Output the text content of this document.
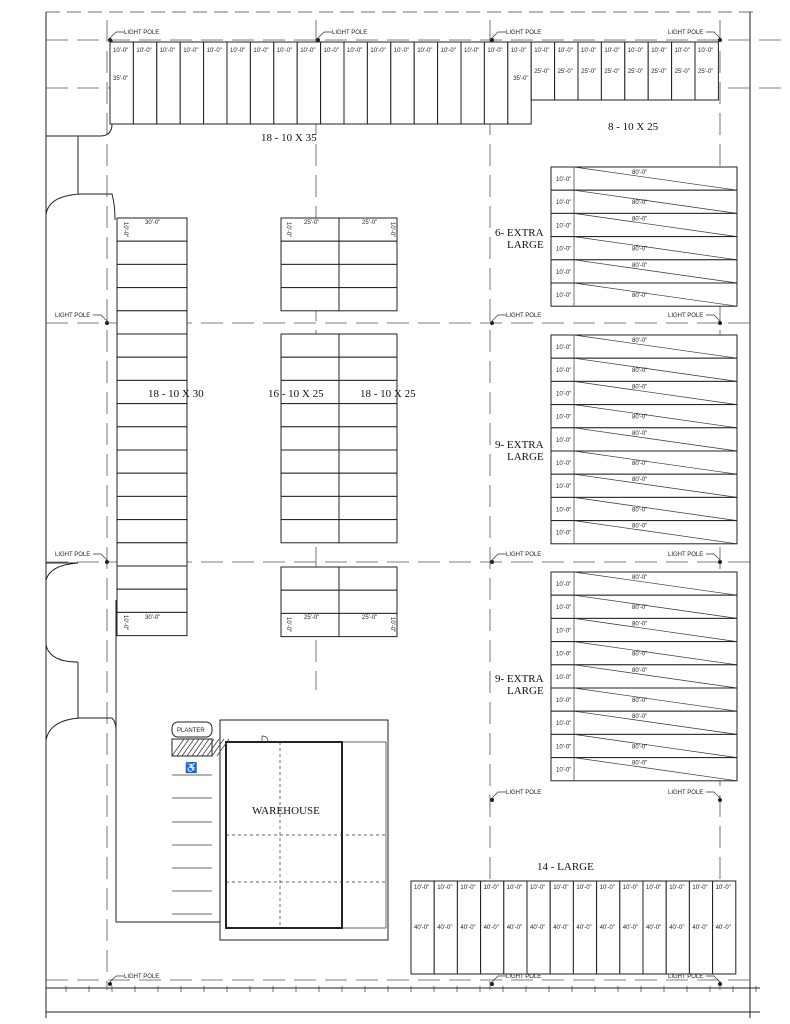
10'-0"
35'-0"
10'-0" 10'-0" 10'-0" 10'-0" 10'-0" 10'-0" 10'-0" 10'-0" 10'-0" 10'-0" 10'-0" 10'-0" 10'-0" 10'-0" 10'-0" 10'-0" 10'-0" 10'-0"
25'-0"
10'-0"
25'-0"
10'-0"
25'-0"
10'-0"
25'-0"
10'-0"
25'-0"
10'-0"
25'-0"
10'-0"
25'-0"
10'-0"
25'-0"
35'-0"
30'-0"
30'-0"
10'-0"
10'-0"
25'-0"	25'-0"
25'-0"	25'-0"
10'-0"	10'-0"
10'-0"	10'-0"
10'-0"
80'-0"
10'-0"	80'-0"
10'-0"
80'-0"
10'-0"	80'-0"
10'-0"
80'-0"
10'-0"	80'-0"
10'-0"
80'-0"
10'-0"	80'-0"
10'-0"
80'-0"
10'-0"	80'-0"
10'-0"
80'-0"
10'-0"	80'-0"
10'-0"
80'-0"
10'-0"	80'-0"
10'-0"
80'-0"
10'-0"
80'-0"
10'-0"	80'-0"
10'-0"
80'-0"
10'-0"	80'-0"
10'-0"
80'-0"
10'-0"	80'-0"
10'-0"
80'-0"
10'-0"	80'-0"
10'-0"
80'-0"
10'-0"
40'-0"
10'-0"
40'-0"
10'-0"
40'-0"
10'-0"
40'-0"
10'-0"
40'-0"
10'-0"
40'-0"
10'-0"
40'-0"
10'-0"
40'-0"
10'-0"
40'-0"
10'-0"
40'-0"
10'-0"
40'-0"
10'-0"
40'-0"
10'-0"
40'-0"
10'-0"
40'-0"
WAREHOUSE
PLANTER
♿
18 - 10 X 35
8 - 10 X 25
18 - 10 X 30	16 - 10 X 25	18 - 10 X 25
6- EXTRA
LARGE
9- EXTRA
LARGE
9- EXTRA
LARGE
14 - LARGE
LIGHT POLE	LIGHT POLE	LIGHT POLE	LIGHT POLE
LIGHT POLE	LIGHT POLE	LIGHT POLE
LIGHT POLE	LIGHT POLE	LIGHT POLE
LIGHT POLE	LIGHT POLE
LIGHT POLE	LIGHT POLE	LIGHT POLE
